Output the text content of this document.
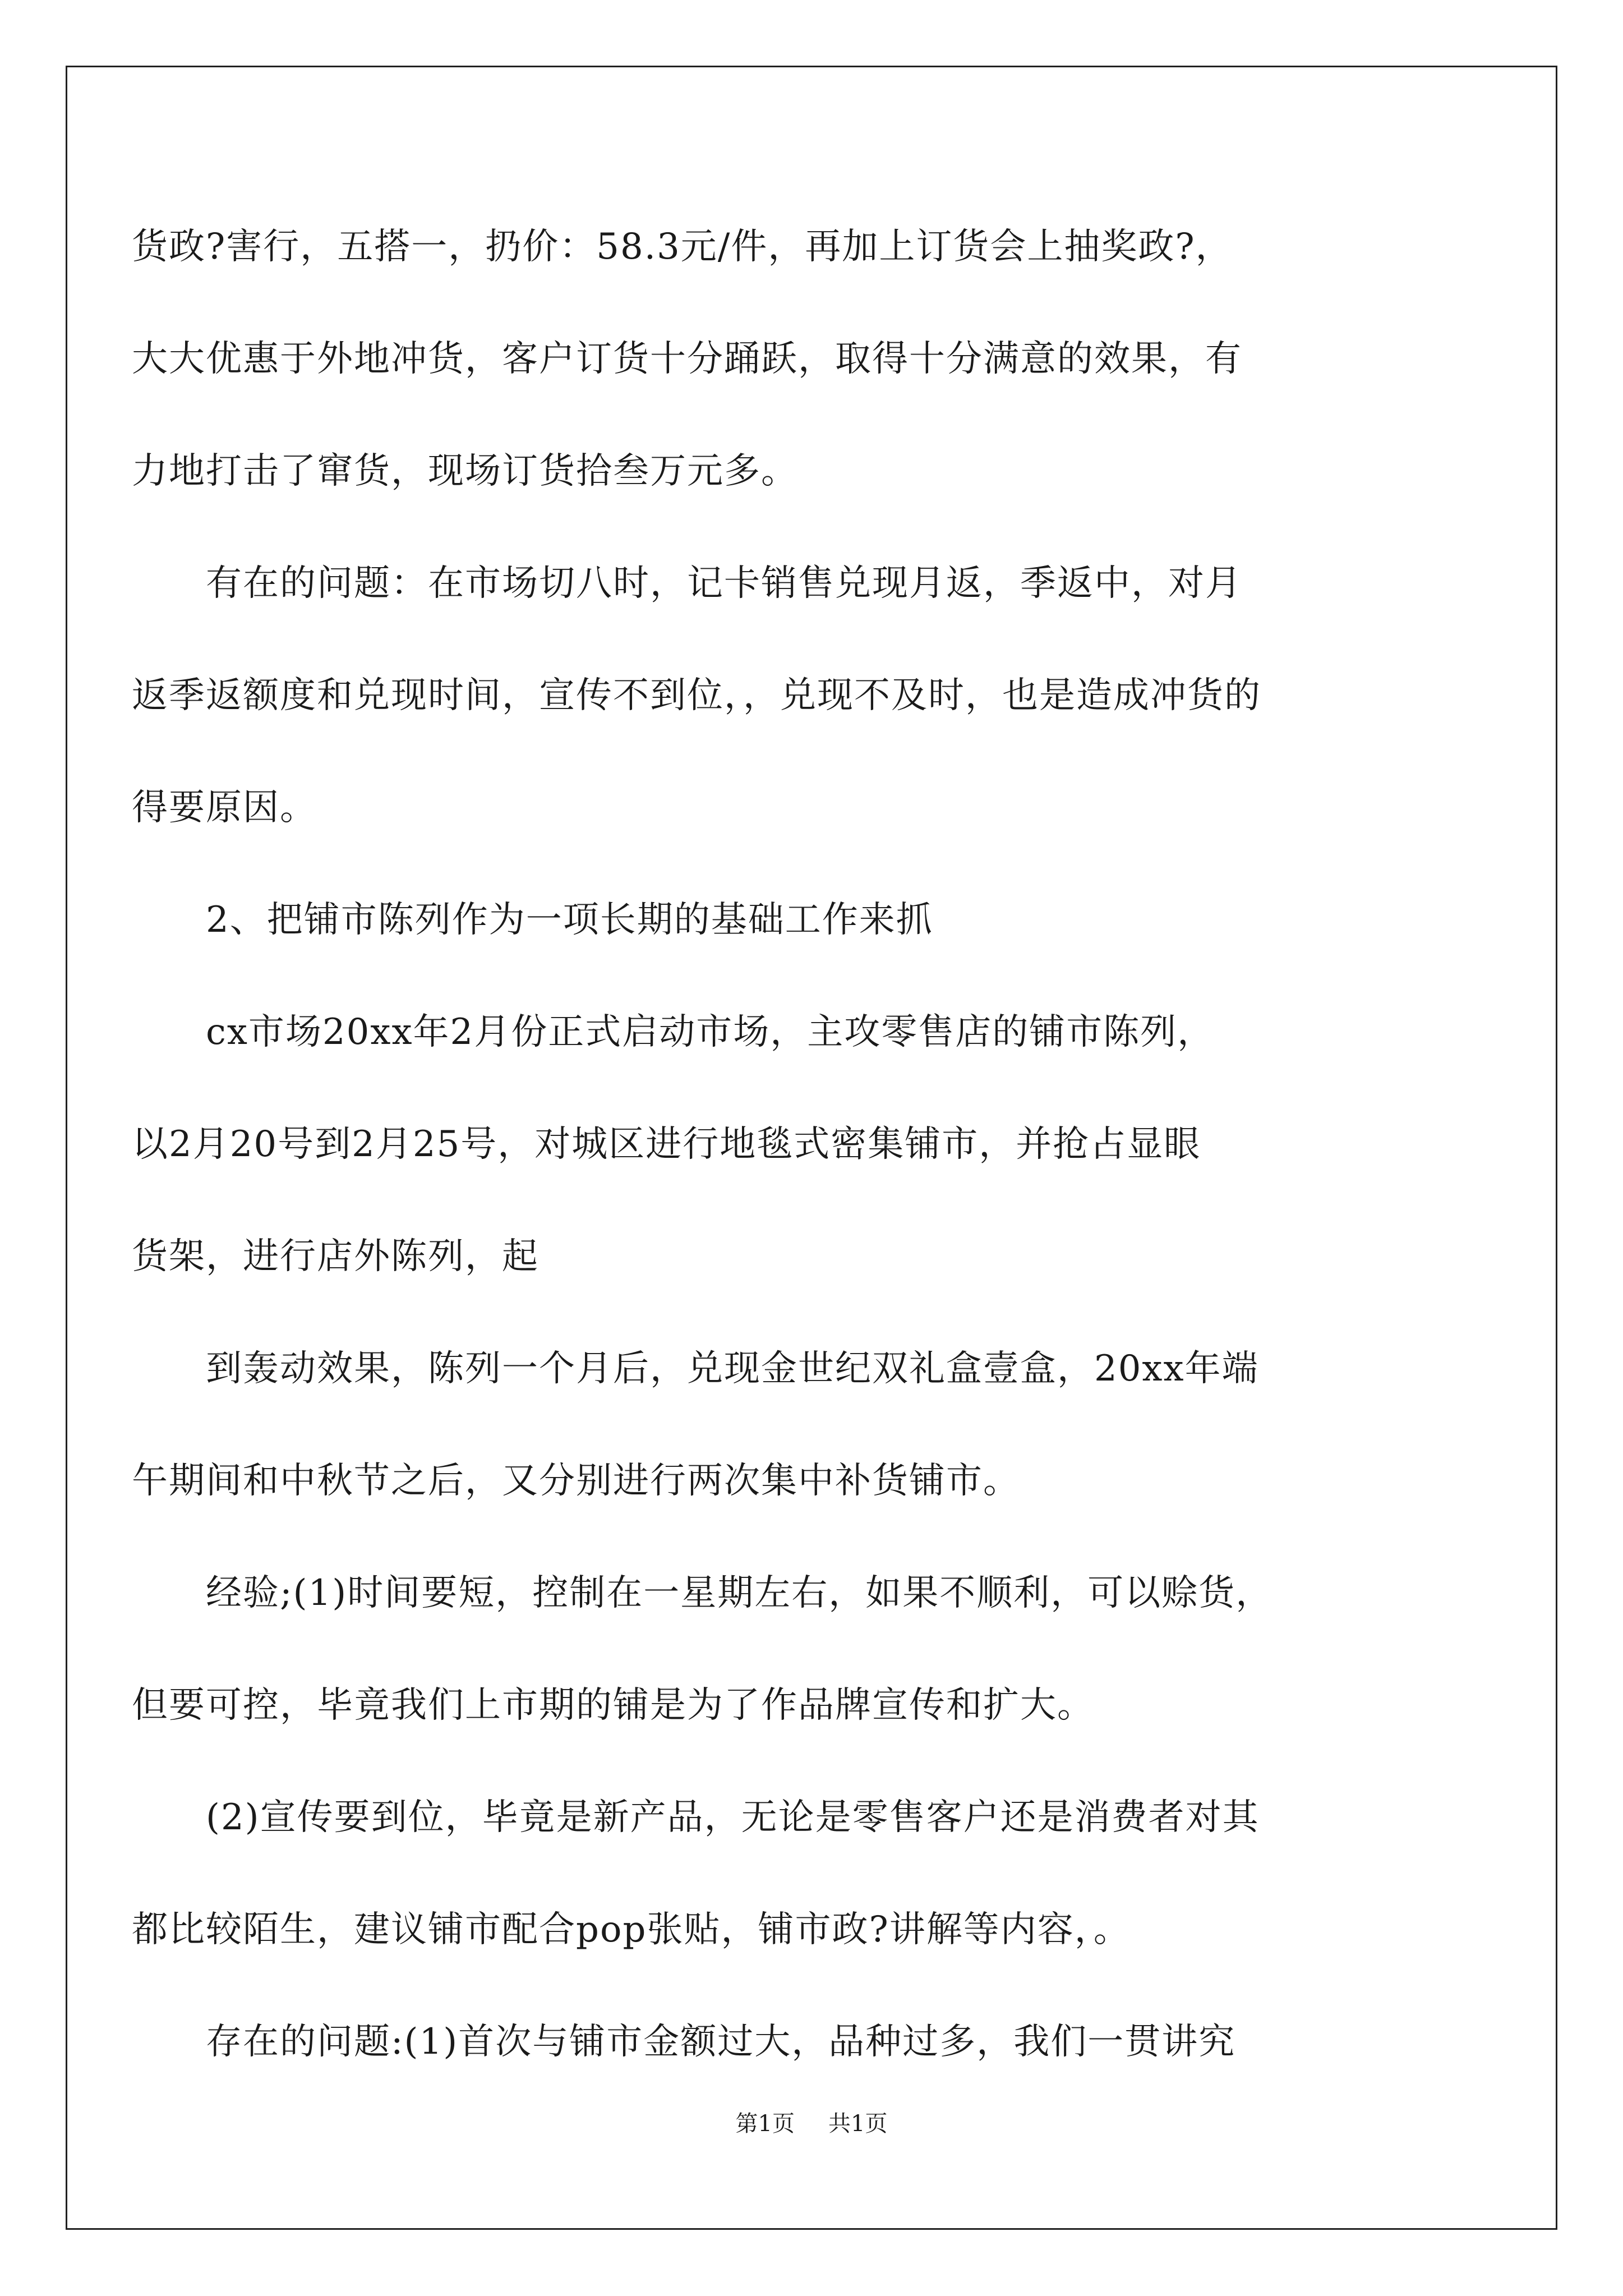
货政?害行，五搭一，扔价：58.3元/件，再加上订货会上抽奖政?，
大大优惠于外地冲货，客户订货十分踊跃，取得十分满意的效果，有
力地打击了窜货，现场订货拾叁万元多。
　　有在的问题：在市场切八时，记卡销售兑现月返，季返中，对月
返季返额度和兑现时间，宣传不到位，，兑现不及时，也是造成冲货的
得要原因。
　　2、把铺市陈列作为一项长期的基础工作来抓
　　cx市场20xx年2月份正式启动市场，主攻零售店的铺市陈列，
以2月20号到2月25号，对城区进行地毯式密集铺市，并抢占显眼
货架，进行店外陈列，起
　　到轰动效果，陈列一个月后，兑现金世纪双礼盒壹盒，20xx年端
午期间和中秋节之后，又分别进行两次集中补货铺市。
　　经验;(1)时间要短，控制在一星期左右，如果不顺利，可以赊货，
但要可控，毕竟我们上市期的铺是为了作品牌宣传和扩大。
　　(2)宣传要到位，毕竟是新产品，无论是零售客户还是消费者对其
都比较陌生，建议铺市配合pop张贴，铺市政?讲解等内容，。
　　存在的问题:(1)首次与铺市金额过大，品种过多，我们一贯讲究
第1页 共1页
